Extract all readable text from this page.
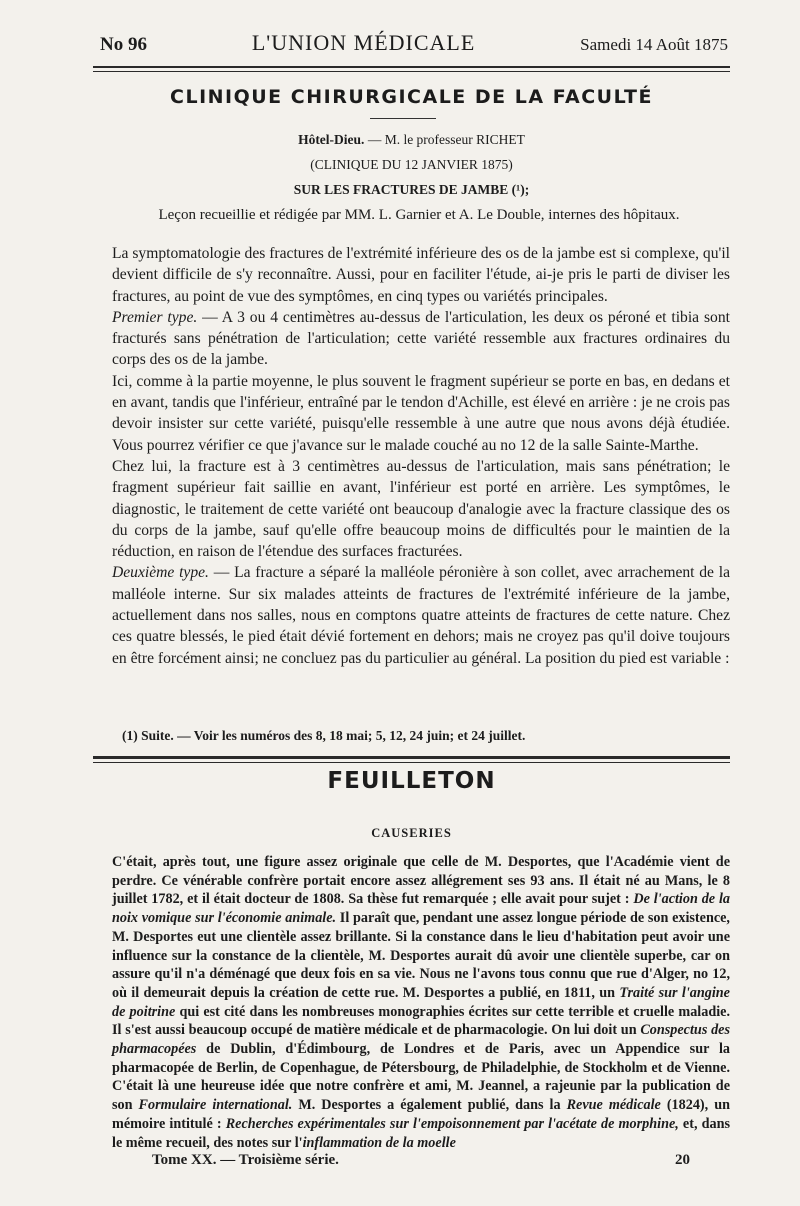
No 96	L'UNION MÉDICALE	Samedi 14 Août 1875
CLINIQUE CHIRURGICALE DE LA FACULTÉ
Hôtel-Dieu. — M. le professeur RICHET
(CLINIQUE DU 12 JANVIER 1875)
SUR LES FRACTURES DE JAMBE (¹);
Leçon recueillie et rédigée par MM. L. Garnier et A. Le Double, internes des hôpitaux.

La symptomatologie des fractures de l'extrémité inférieure des os de la jambe est si complexe, qu'il devient difficile de s'y reconnaître. Aussi, pour en faciliter l'étude, ai-je pris le parti de diviser les fractures, au point de vue des symptômes, en cinq types ou variétés principales.

Premier type. — A 3 ou 4 centimètres au-dessus de l'articulation, les deux os péroné et tibia sont fracturés sans pénétration de l'articulation; cette variété ressemble aux fractures ordinaires du corps des os de la jambe.

Ici, comme à la partie moyenne, le plus souvent le fragment supérieur se porte en bas, en dedans et en avant, tandis que l'inférieur, entraîné par le tendon d'Achille, est élevé en arrière : je ne crois pas devoir insister sur cette variété, puisqu'elle ressemble à une autre que nous avons déjà étudiée. Vous pourrez vérifier ce que j'avance sur le malade couché au no 12 de la salle Sainte-Marthe.

Chez lui, la fracture est à 3 centimètres au-dessus de l'articulation, mais sans pénétration; le fragment supérieur fait saillie en avant, l'inférieur est porté en arrière. Les symptômes, le diagnostic, le traitement de cette variété ont beaucoup d'analogie avec la fracture classique des os du corps de la jambe, sauf qu'elle offre beaucoup moins de difficultés pour le maintien de la réduction, en raison de l'étendue des surfaces fracturées.

Deuxième type. — La fracture a séparé la malléole péronière à son collet, avec arrachement de la malléole interne. Sur six malades atteints de fractures de l'extrémité inférieure de la jambe, actuellement dans nos salles, nous en comptons quatre atteints de fractures de cette nature. Chez ces quatre blessés, le pied était dévié fortement en dehors; mais ne croyez pas qu'il doive toujours en être forcément ainsi; ne concluez pas du particulier au général. La position du pied est variable :

(1) Suite. — Voir les numéros des 8, 18 mai; 5, 12, 24 juin; et 24 juillet.
FEUILLETON
CAUSERIES

C'était, après tout, une figure assez originale que celle de M. Desportes, que l'Académie vient de perdre. Ce vénérable confrère portait encore assez allégrement ses 93 ans. Il était né au Mans, le 8 juillet 1782, et il était docteur de 1808. Sa thèse fut remarquée ; elle avait pour sujet : De l'action de la noix vomique sur l'économie animale. Il paraît que, pendant une assez longue période de son existence, M. Desportes eut une clientèle assez brillante. Si la constance dans le lieu d'habitation peut avoir une influence sur la constance de la clientèle, M. Desportes aurait dû avoir une clientèle superbe, car on assure qu'il n'a déménagé que deux fois en sa vie. Nous ne l'avons tous connu que rue d'Alger, no 12, où il demeurait depuis la création de cette rue. M. Desportes a publié, en 1811, un Traité sur l'angine de poitrine qui est cité dans les nombreuses monographies écrites sur cette terrible et cruelle maladie. Il s'est aussi beaucoup occupé de matière médicale et de pharmacologie. On lui doit un Conspectus des pharmacopées de Dublin, d'Édimbourg, de Londres et de Paris, avec un Appendice sur la pharmacopée de Berlin, de Copenhague, de Pétersbourg, de Philadelphie, de Stockholm et de Vienne. C'était là une heureuse idée que notre confrère et ami, M. Jeannel, a rajeunie par la publication de son Formulaire international. M. Desportes a également publié, dans la Revue médicale (1824), un mémoire intitulé : Recherches expérimentales sur l'empoisonnement par l'acétate de morphine, et, dans le même recueil, des notes sur l'inflammation de la moelle

Tome XX. — Troisième série.	20
